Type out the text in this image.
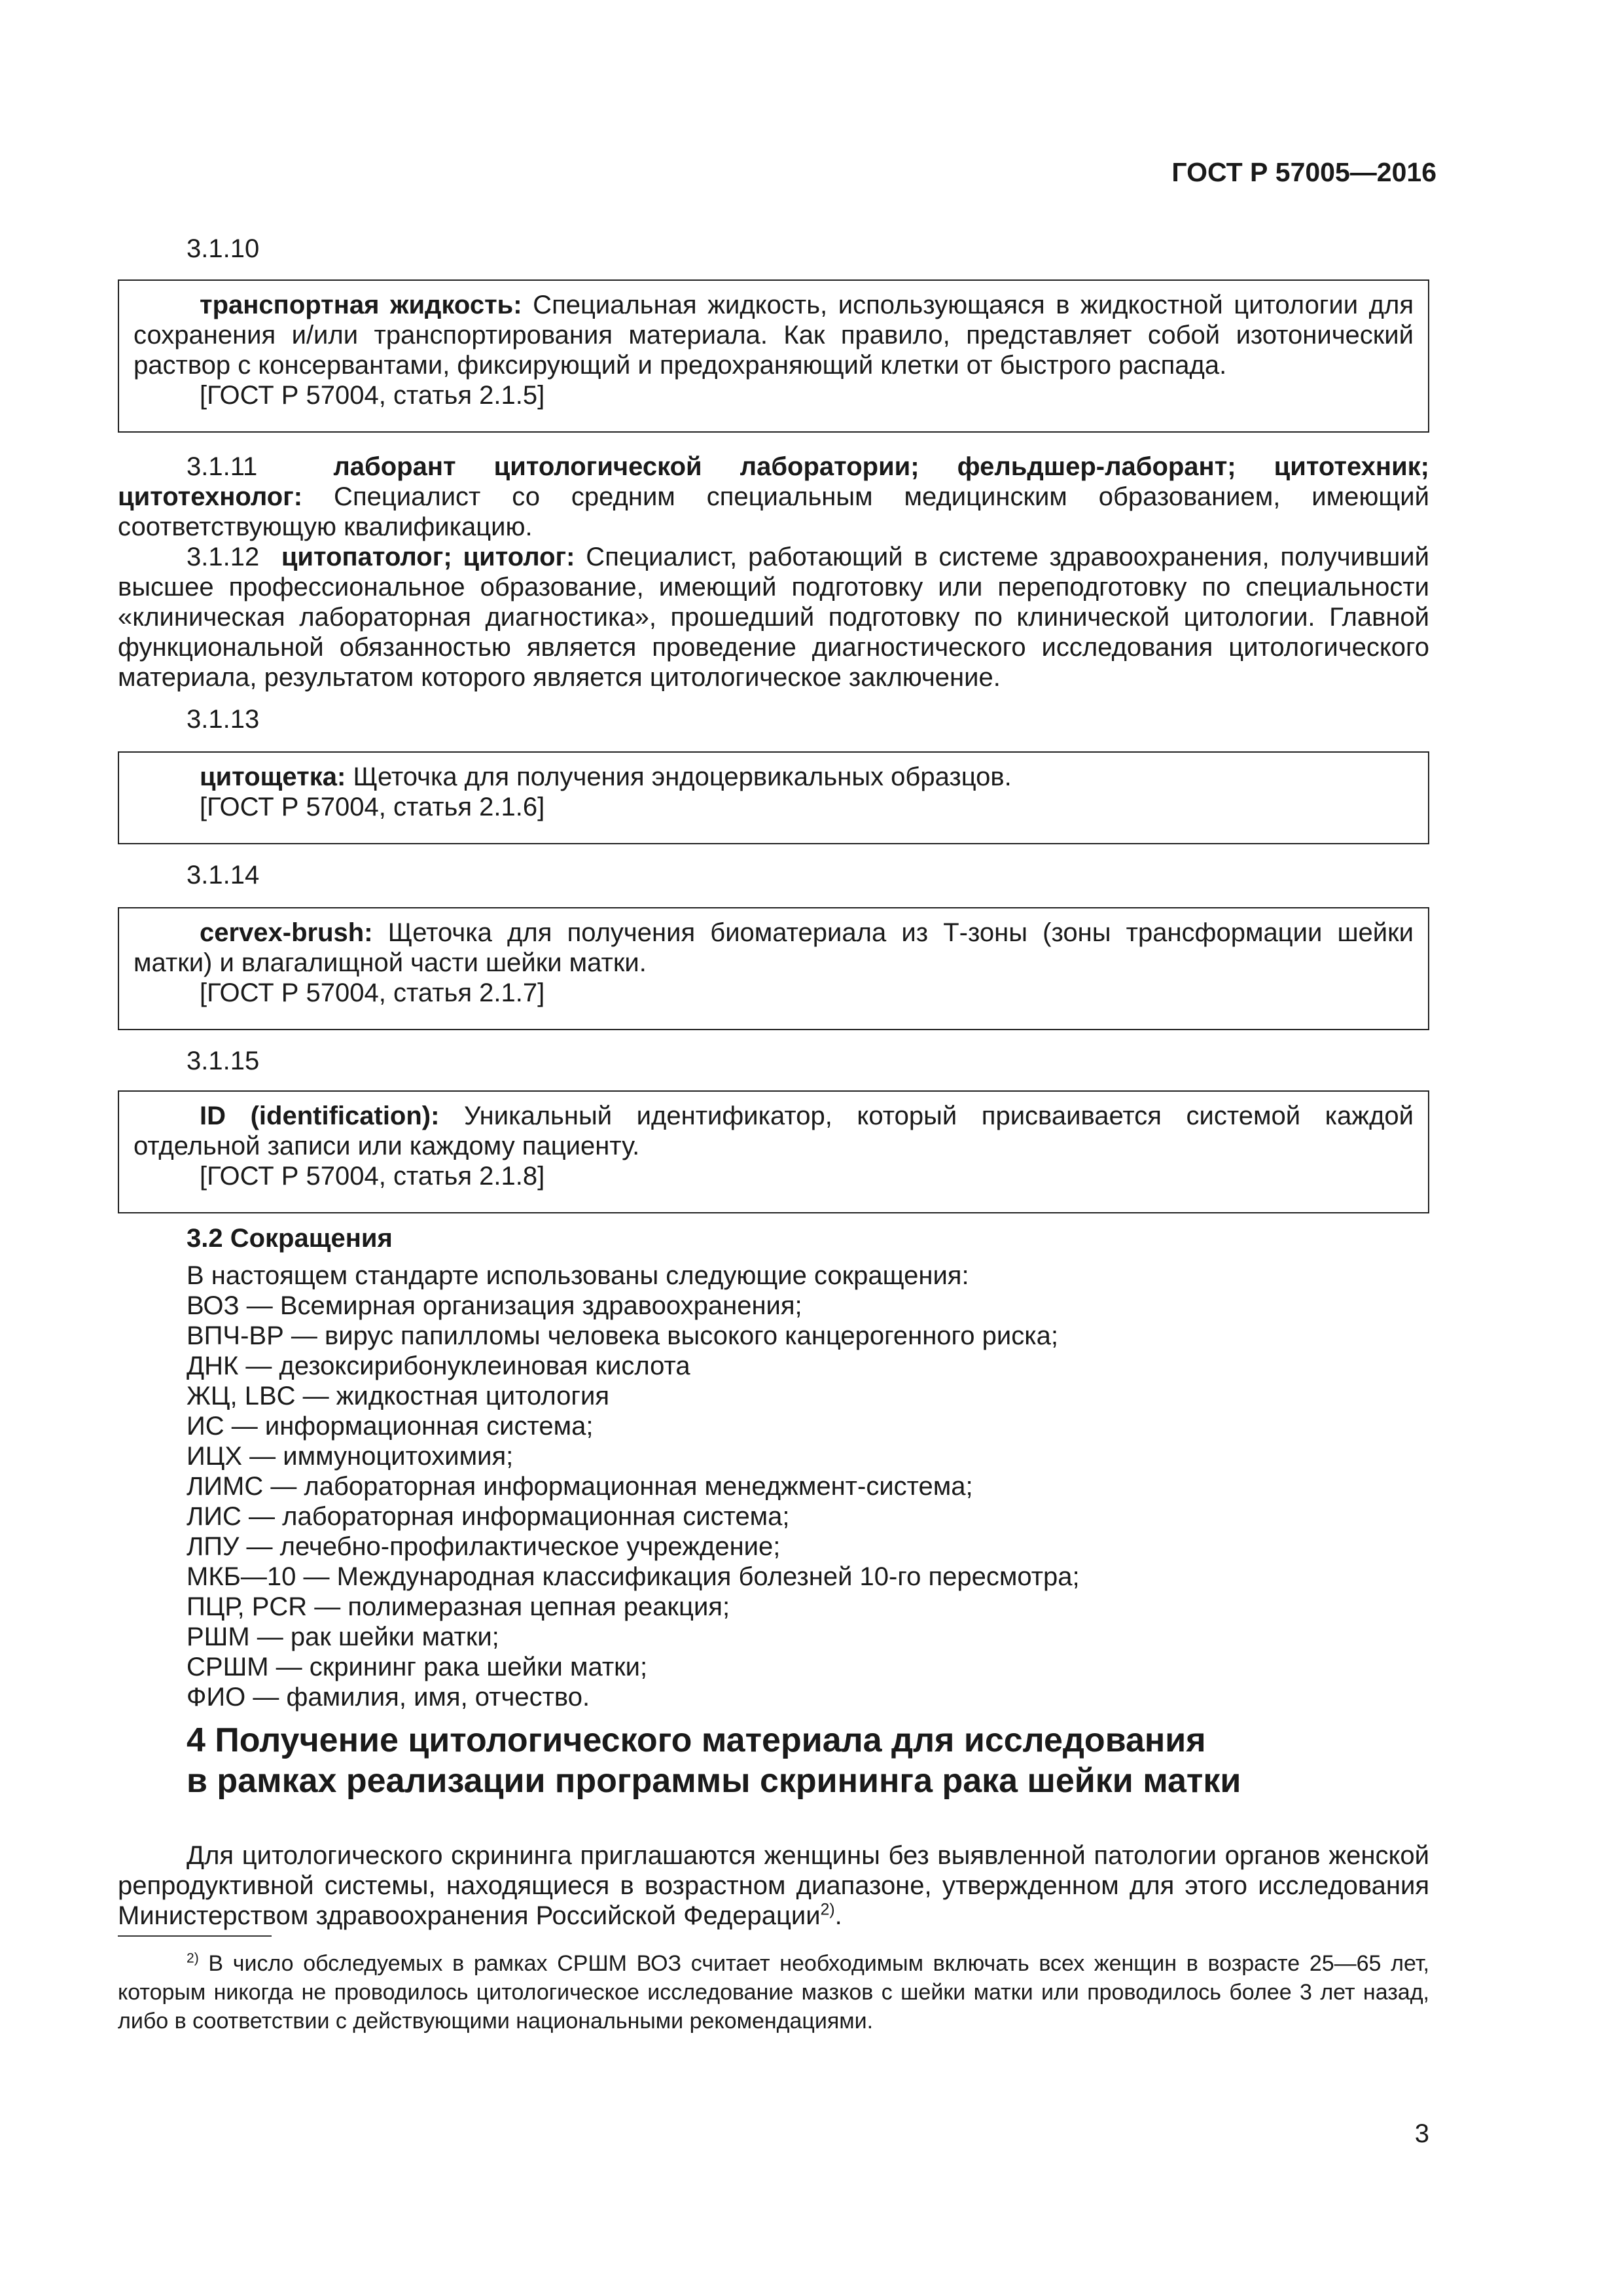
ГОСТ Р 57005—2016
3.1.10

транспортная жидкость: Специальная жидкость, использующаяся в жидкостной цитологии для сохранения и/или транспортирования материала. Как правило, представляет собой изотонический раствор с консервантами, фиксирующий и предохраняющий клетки от быстрого распада.

[ГОСТ Р 57004, статья 2.1.5]

3.1.11	лаборант цитологической лаборатории; фельдшер-лаборант; цитотехник; цитотехнолог: Специалист со средним специальным медицинским образованием, имеющий соответствующую квалификацию.

3.1.12 цитопатолог; цитолог: Специалист, работающий в системе здравоохранения, получивший высшее профессиональное образование, имеющий подготовку или переподготовку по специальности «клиническая лабораторная диагностика», прошедший подготовку по клинической цитологии. Главной функциональной обязанностью является проведение диагностического исследования цитологического материала, результатом которого является цитологическое заключение.

3.1.13

цитощетка: Щеточка для получения эндоцервикальных образцов.

[ГОСТ Р 57004, статья 2.1.6]

3.1.14

cervex-brush: Щеточка для получения биоматериала из Т-зоны (зоны трансформации шейки матки) и влагалищной части шейки матки.

[ГОСТ Р 57004, статья 2.1.7]

3.1.15

ID (identification): Уникальный идентификатор, который присваивается системой каждой отдельной записи или каждому пациенту.

[ГОСТ Р 57004, статья 2.1.8]

3.2 Сокращения
В настоящем стандарте использованы следующие сокращения:
ВОЗ — Всемирная организация здравоохранения;
ВПЧ-ВР — вирус папилломы человека высокого канцерогенного риска;
ДНК — дезоксирибонуклеиновая кислота
ЖЦ, LBC — жидкостная цитология
ИС — информационная система;
ИЦХ — иммуноцитохимия;
ЛИМС — лабораторная информационная менеджмент-система;
ЛИС — лабораторная информационная система;
ЛПУ — лечебно-профилактическое учреждение;
МКБ—10 — Международная классификация болезней 10-го пересмотра;
ПЦР, PCR — полимеразная цепная реакция;
РШМ — рак шейки матки;
СРШМ — скрининг рака шейки матки;
ФИО — фамилия, имя, отчество.
4 Получение цитологического материала для исследования
в рамках реализации программы скрининга рака шейки матки

Для цитологического скрининга приглашаются женщины без выявленной патологии органов женской репродуктивной системы, находящиеся в возрастном диапазоне, утвержденном для этого исследования Министерством здравоохранения Российской Федерации$^{2)}$.

$^{2)}$ В число обследуемых в рамках СРШМ ВОЗ считает необходимым включать всех женщин в возрасте 25—65 лет, которым никогда не проводилось цитологическое исследование мазков с шейки матки или проводилось более 3 лет назад, либо в соответствии с действующими национальными рекомендациями.

3
